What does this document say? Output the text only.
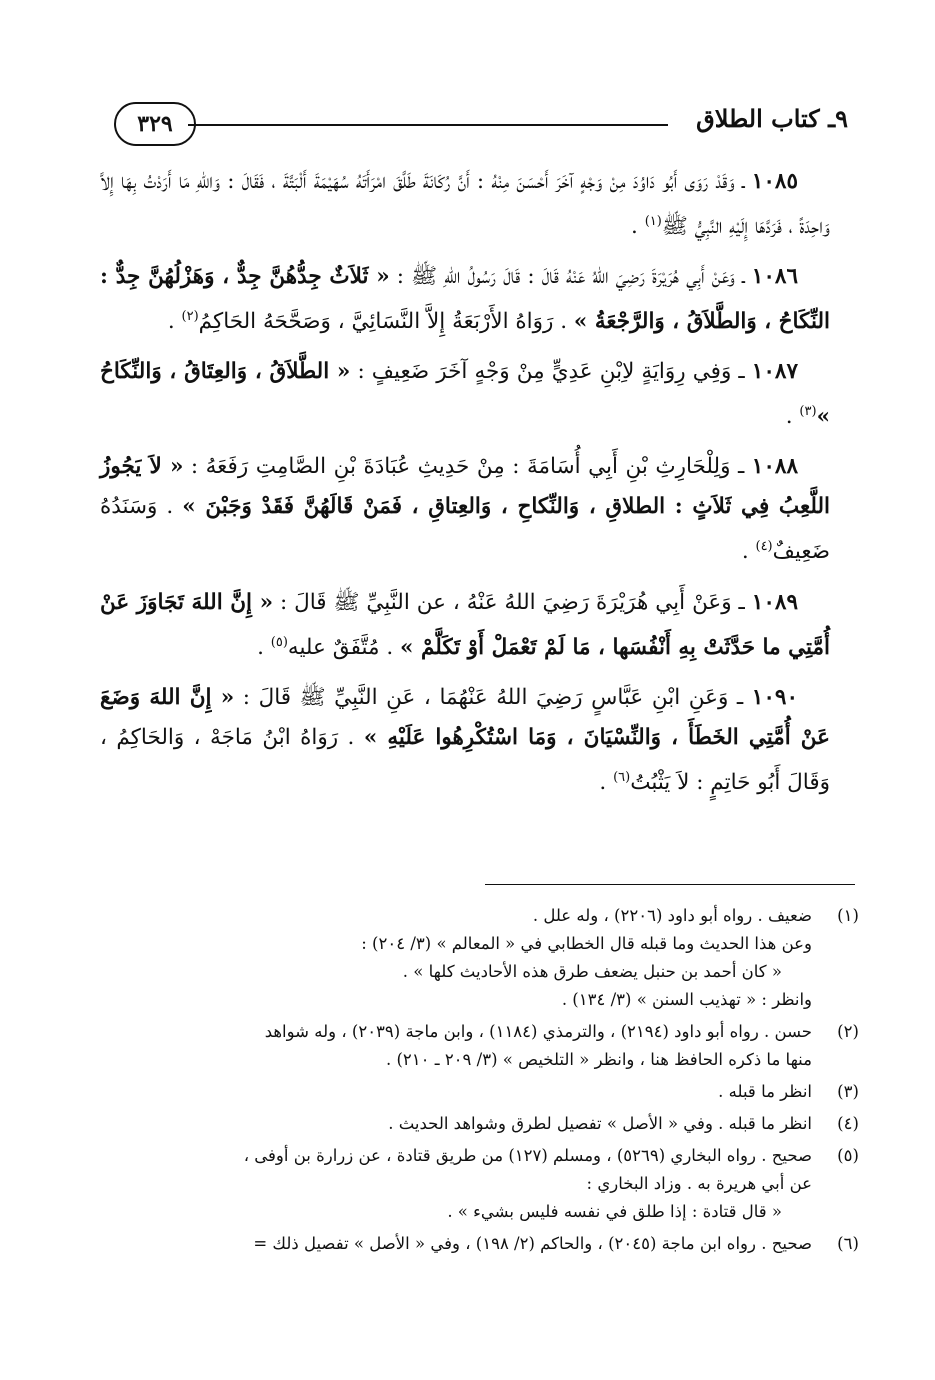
٩ـ كتاب الطلاق
٣٢٩

١٠٨٥ ـ وَقَدْ رَوَى أَبُو دَاوُدَ مِنْ وَجْهٍ آخَرَ أَحْسَنَ مِنْهُ : أَنَّ رُكَانَةَ طَلَّقَ امْرَأَتَهُ سُهَيْمَةَ أَلْبَتَّةَ ، فَقَالَ : وَاللهِ مَا أَرَدْتُ بِهَا إِلاَّ وَاحِدَةً ، فَرَدَّهَا إِلَيْهِ النَّبِيُّ ﷺ$^{(١)}$ .

١٠٨٦ ـ وَعَنْ أَبِي هُرَيْرَةَ رَضِيَ اللهُ عَنْهُ قَالَ : قَالَ رَسُولُ اللهِ ﷺ : « ثَلاَثٌ جِدُّهُنَّ جِدٌّ ، وَهَزْلُهُنَّ جِدٌّ : النِّكَاحُ ، وَالطَّلاَقُ ، وَالرَّجْعَةُ » . رَوَاهُ الأَرْبَعَةُ إِلاَّ النَّسَائِيَّ ، وَصَحَّحَهُ الحَاكِمُ$^{(٢)}$ .

١٠٨٧ ـ وَفِي رِوَايَةٍ لاِبْنِ عَدِيٍّ مِنْ وَجْهٍ آخَرَ ضَعِيفٍ : « الطَّلاَقُ ، وَالعِتَاقُ ، وَالنِّكَاحُ »$^{(٣)}$ .

١٠٨٨ ـ وَلِلْحَارِثِ بْنِ أَبِي أُسَامَةَ : مِنْ حَدِيثِ عُبَادَةَ بْنِ الصَّامِتِ رَفَعَهُ : « لاَ يَجُوزُ اللَّعِبُ فِي ثَلاَثٍ : الطلاقِ ، وَالنِّكاحِ ، وَالعِتاقِ ، فَمَنْ قَالَهُنَّ فَقَدْ وَجَبْنَ » . وَسَنَدُهُ ضَعِيفٌ$^{(٤)}$ .

١٠٨٩ ـ وَعَنْ أَبِي هُرَيْرَةَ رَضِيَ اللهُ عَنْهُ ، عن النَّبِيِّ ﷺ قَالَ : « إِنَّ اللهَ تَجَاوَزَ عَنْ أُمَّتِي ما حَدَّثَتْ بِهِ أَنْفُسَها ، مَا لَمْ تَعْمَلْ أَوْ تَكَلَّمْ » . مُتَّفَقٌ عليه$^{(٥)}$ .

١٠٩٠ ـ وَعَنِ ابْنِ عَبَّاسٍ رَضِيَ اللهُ عَنْهُمَا ، عَنِ النَّبِيِّ ﷺ قَالَ : « إِنَّ اللهَ وَضَعَ عَنْ أُمَّتِي الخَطَأَ ، وَالنِّسْيَانَ ، وَمَا اسْتُكْرِهُوا عَلَيْهِ » . رَوَاهُ ابْنُ مَاجَهْ ، وَالحَاكِمُ ، وَقَالَ أَبُو حَاتِمٍ : لاَ يَثْبُتُ$^{(٦)}$ .

(١)
ضعيف . رواه أبو داود (٢٢٠٦) ، وله علل .
وعن هذا الحديث وما قبله قال الخطابي في « المعالم » (٣/ ٢٠٤) :
« كان أحمد بن حنبل يضعف طرق هذه الأحاديث كلها » .
وانظر : « تهذيب السنن » (٣/ ١٣٤) .
(٢)
حسن . رواه أبو داود (٢١٩٤) ، والترمذي (١١٨٤) ، وابن ماجة (٢٠٣٩) ، وله شواهد
منها ما ذكره الحافظ هنا ، وانظر « التلخيص » (٣/ ٢٠٩ ـ ٢١٠) .
(٣)
انظر ما قبله .
(٤)
انظر ما قبله . وفي « الأصل » تفصيل لطرق وشواهد الحديث .
(٥)
صحيح . رواه البخاري (٥٢٦٩) ، ومسلم (١٢٧) من طريق قتادة ، عن زرارة بن أوفى ،
عن أبي هريرة به . وزاد البخاري :
« قال قتادة : إذا طلق في نفسه فليس بشيء » .
(٦)
صحيح . رواه ابن ماجة (٢٠٤٥) ، والحاكم (٢/ ١٩٨) ، وفي « الأصل » تفصيل ذلك =
